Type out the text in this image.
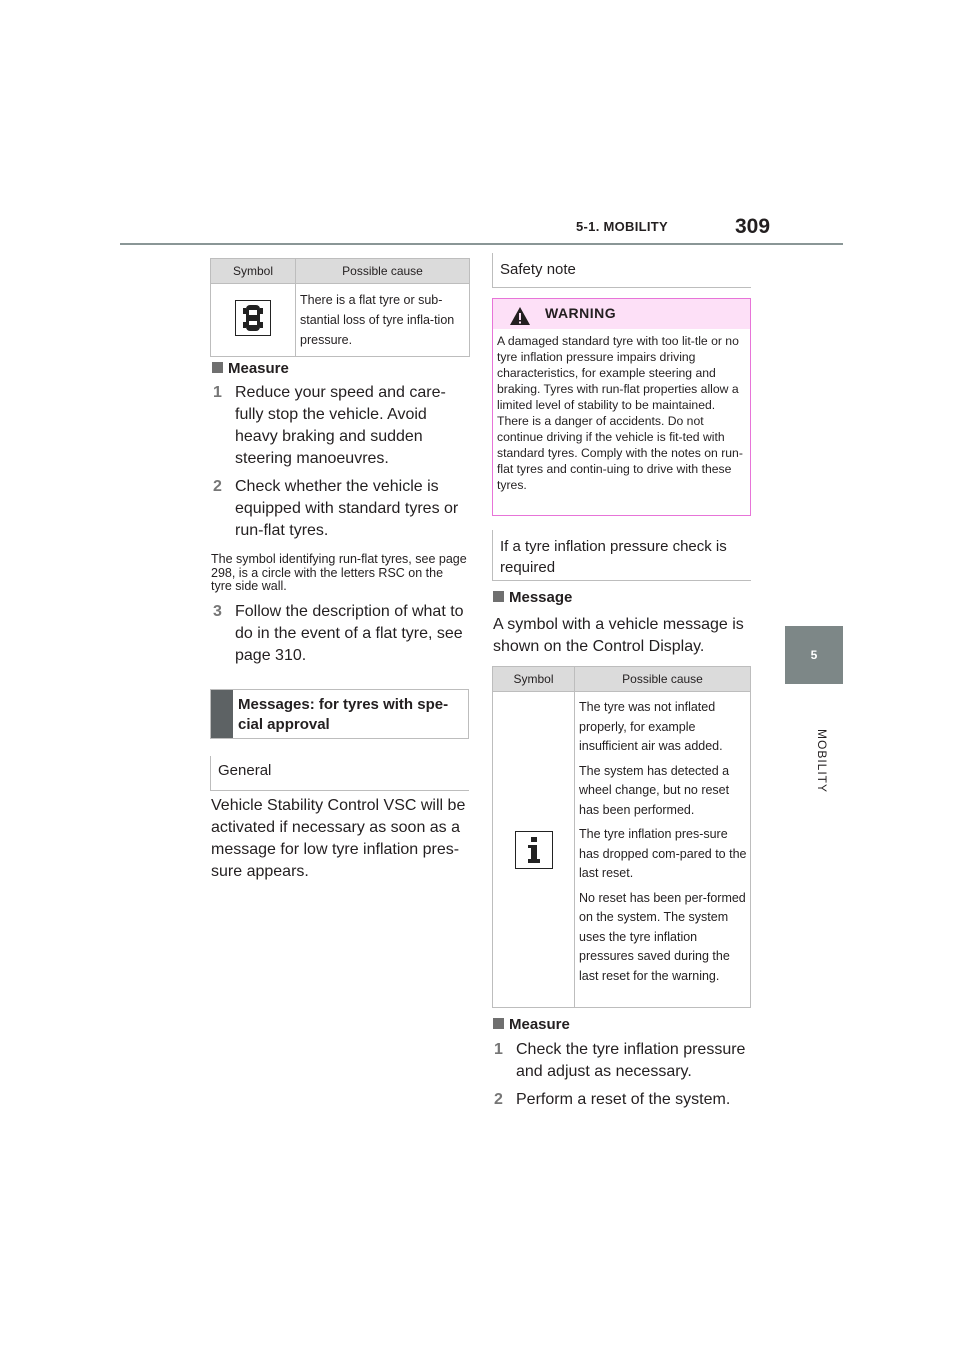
5-1. MOBILITY	309
5
MOBILITY
Symbol	Possible cause

There is a flat tyre or sub-stantial loss of tyre infla-tion pressure.

Measure
1 Reduce your speed and care-fully stop the vehicle. Avoid heavy braking and sudden steering manoeuvres.
2 Check whether the vehicle is equipped with standard tyres or run-flat tyres.
The symbol identifying run-flat tyres, see page 298, is a circle with the letters RSC on the tyre side wall.
3 Follow the description of what to do in the event of a flat tyre, see page 310.
Messages: for tyres with spe-cial approval
General
Vehicle Stability Control VSC will be activated if necessary as soon as a message for low tyre inflation pres-sure appears.
Safety note
WARNING
A damaged standard tyre with too lit-tle or no tyre inflation pressure impairs driving characteristics, for example steering and braking. Tyres with run-flat properties allow a limited level of stability to be maintained. There is a danger of accidents. Do not continue driving if the vehicle is fit-ted with standard tyres. Comply with the notes on run-flat tyres and contin-uing to drive with these tyres.
If a tyre inflation pressure check is required
Message
A symbol with a vehicle message is shown on the Control Display.
Symbol	Possible cause

The tyre was not inflated properly, for example insufficient air was added.

The system has detected a wheel change, but no reset has been performed.

The tyre inflation pres-sure has dropped com-pared to the last reset.

No reset has been per-formed on the system. The system uses the tyre inflation pressures saved during the last reset for the warning.

Measure
1 Check the tyre inflation pressure and adjust as necessary.
2 Perform a reset of the system.
